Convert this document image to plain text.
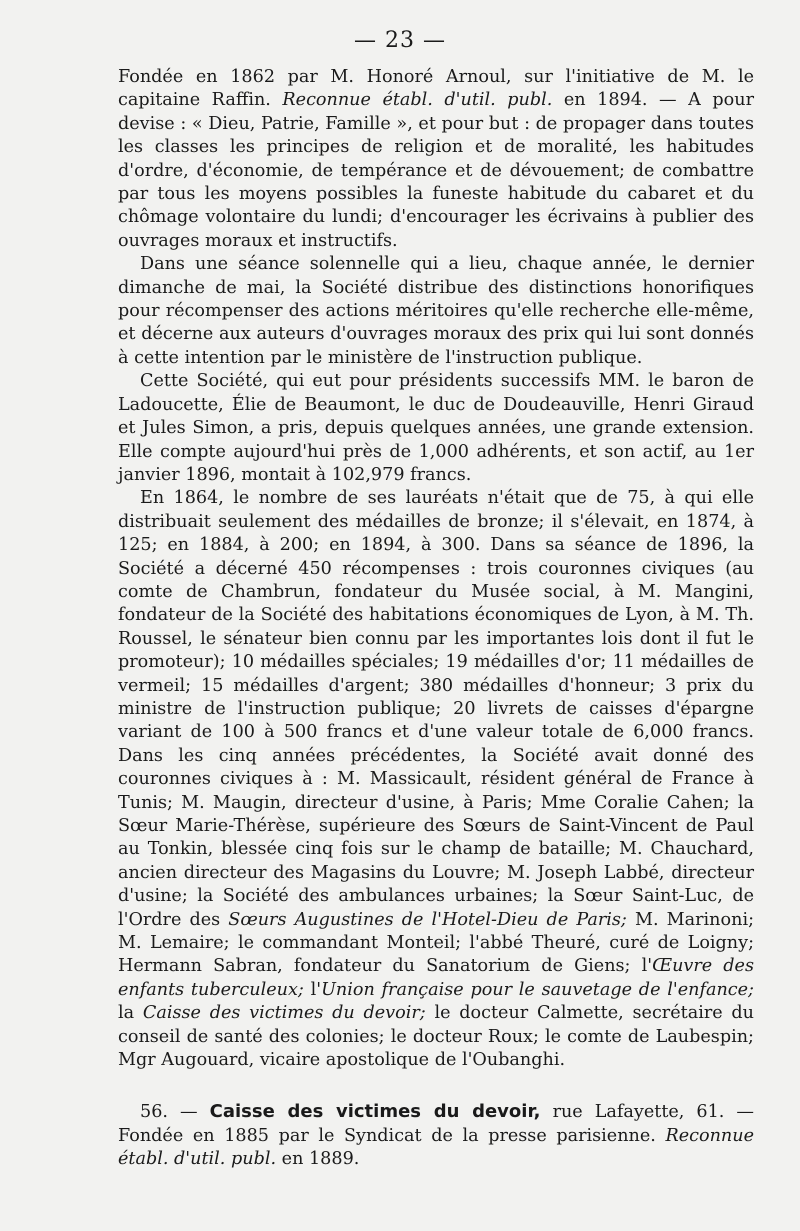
— 23 —

Fondée en 1862 par M. Honoré Arnoul, sur l'initiative de M. le capitaine Raffin. Reconnue établ. d'util. publ. en 1894. — A pour devise : « Dieu, Patrie, Famille », et pour but : de propager dans toutes les classes les principes de religion et de moralité, les habitudes d'ordre, d'économie, de tempérance et de dévouement; de combattre par tous les moyens possibles la funeste habitude du cabaret et du chômage volontaire du lundi; d'encourager les écrivains à publier des ouvrages moraux et instructifs.

Dans une séance solennelle qui a lieu, chaque année, le dernier dimanche de mai, la Société distribue des distinctions honorifiques pour récompenser des actions méritoires qu'elle recherche elle-même, et décerne aux auteurs d'ouvrages moraux des prix qui lui sont donnés à cette intention par le ministère de l'instruction publique.

Cette Société, qui eut pour présidents successifs MM. le baron de Ladoucette, Élie de Beaumont, le duc de Doudeauville, Henri Giraud et Jules Simon, a pris, depuis quelques années, une grande extension. Elle compte aujourd'hui près de 1,000 adhérents, et son actif, au 1er janvier 1896, montait à 102,979 francs.

En 1864, le nombre de ses lauréats n'était que de 75, à qui elle distribuait seulement des médailles de bronze; il s'élevait, en 1874, à 125; en 1884, à 200; en 1894, à 300. Dans sa séance de 1896, la Société a décerné 450 récompenses : trois couronnes civiques (au comte de Chambrun, fondateur du Musée social, à M. Mangini, fondateur de la Société des habitations économiques de Lyon, à M. Th. Roussel, le sénateur bien connu par les importantes lois dont il fut le promoteur); 10 médailles spéciales; 19 médailles d'or; 11 médailles de vermeil; 15 médailles d'argent; 380 médailles d'honneur; 3 prix du ministre de l'instruction publique; 20 livrets de caisses d'épargne variant de 100 à 500 francs et d'une valeur totale de 6,000 francs. Dans les cinq années précédentes, la Société avait donné des couronnes civiques à : M. Massicault, résident général de France à Tunis; M. Maugin, directeur d'usine, à Paris; Mme Coralie Cahen; la Sœur Marie-Thérèse, supérieure des Sœurs de Saint-Vincent de Paul au Tonkin, blessée cinq fois sur le champ de bataille; M. Chauchard, ancien directeur des Magasins du Louvre; M. Joseph Labbé, directeur d'usine; la Société des ambulances urbaines; la Sœur Saint-Luc, de l'Ordre des Sœurs Augustines de l'Hotel-Dieu de Paris; M. Marinoni; M. Lemaire; le commandant Monteil; l'abbé Theuré, curé de Loigny; Hermann Sabran, fondateur du Sanatorium de Giens; l'Œuvre des enfants tuberculeux; l'Union française pour le sauvetage de l'enfance; la Caisse des victimes du devoir; le docteur Calmette, secrétaire du conseil de santé des colonies; le docteur Roux; le comte de Laubespin; Mgr Augouard, vicaire apostolique de l'Oubanghi.

56. — Caisse des victimes du devoir, rue Lafayette, 61. — Fondée en 1885 par le Syndicat de la presse parisienne. Reconnue établ. d'util. publ. en 1889.
